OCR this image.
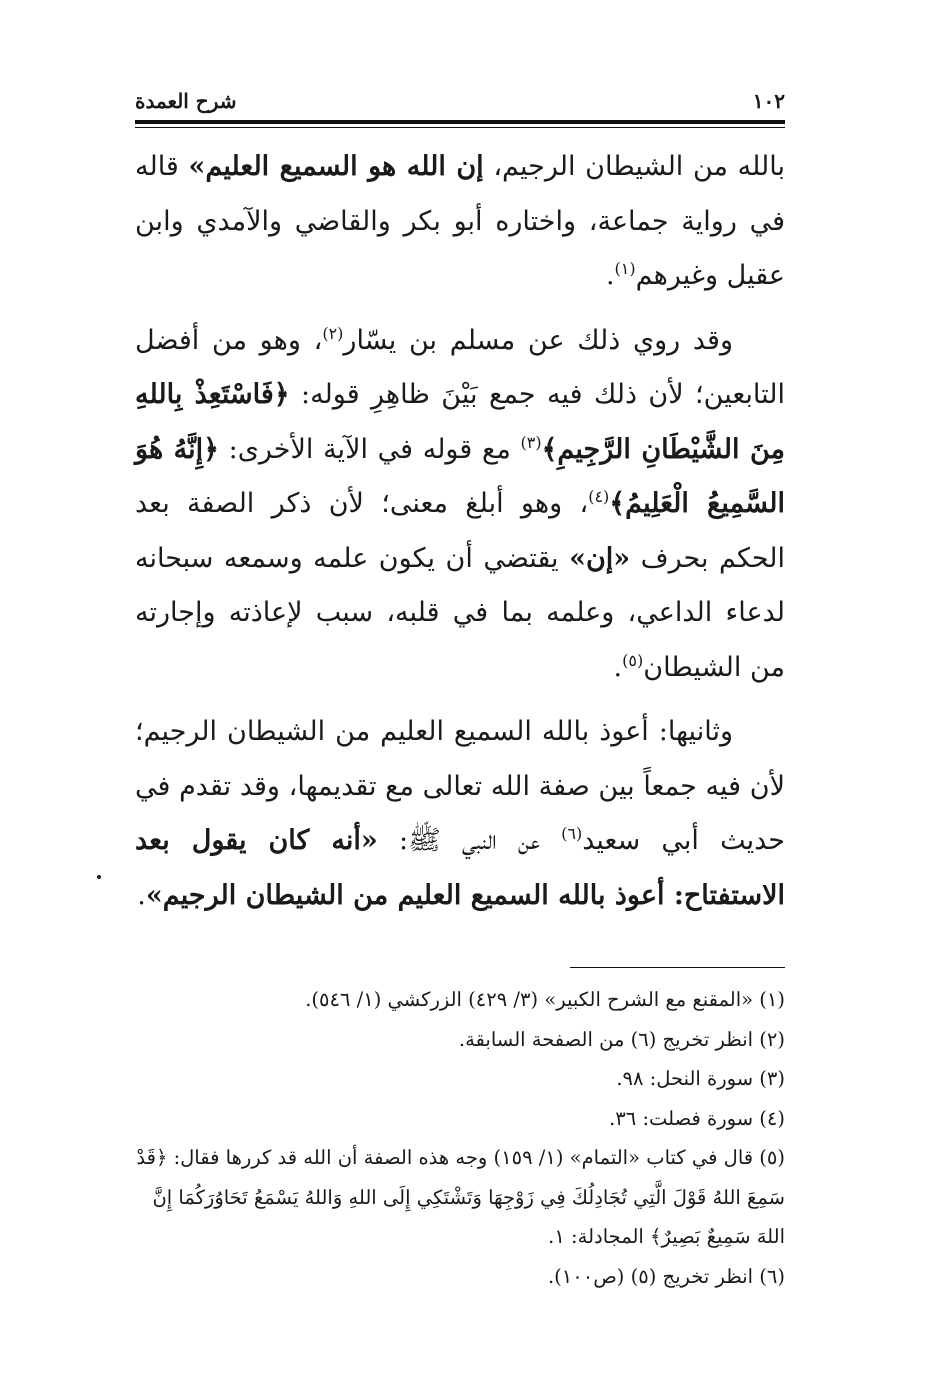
١٠٢
شرح العمدة

بالله من الشيطان الرجيم، إن الله هو السميع العليم» قاله في رواية جماعة، واختاره أبو بكر والقاضي والآمدي وابن عقيل وغيرهم$^{(١)}$.

وقد روي ذلك عن مسلم بن يسّار$^{(٢)}$، وهو من أفضل التابعين؛ لأن ذلك فيه جمع بَيْنَ ظاهِرِ قوله: ﴿فَاسْتَعِذْ بِاللهِ مِنَ الشَّيْطَانِ الرَّجِيمِ﴾$^{(٣)}$ مع قوله في الآية الأخرى: ﴿إِنَّهُ هُوَ السَّمِيعُ الْعَلِيمُ﴾$^{(٤)}$، وهو أبلغ معنى؛ لأن ذكر الصفة بعد الحكم بحرف «إن» يقتضي أن يكون علمه وسمعه سبحانه لدعاء الداعي، وعلمه بما في قلبه، سبب لإعاذته وإجارته من الشيطان$^{(٥)}$.

وثانيها: أعوذ بالله السميع العليم من الشيطان الرجيم؛ لأن فيه جمعاً بين صفة الله تعالى مع تقديمها، وقد تقدم في حديث أبي سعيد$^{(٦)}$ عن النبي ﷺ: «أنه كان يقول بعد الاستفتاح: أعوذ بالله السميع العليم من الشيطان الرجيم».

(١) «المقنع مع الشرح الكبير» (٣/ ٤٢٩) الزركشي (١/ ٥٤٦).

(٢) انظر تخريج (٦) من الصفحة السابقة.

(٣) سورة النحل: ٩٨.

(٤) سورة فصلت: ٣٦.

(٥) قال في كتاب «التمام» (١/ ١٥٩) وجه هذه الصفة أن الله قد كررها فقال: ﴿قَدْ سَمِعَ اللهُ قَوْلَ الَّتِي تُجَادِلُكَ فِي زَوْجِهَا وَتَشْتَكِي إِلَى اللهِ وَاللهُ يَسْمَعُ تَحَاوُرَكُمَا إِنَّ اللهَ سَمِيعٌ بَصِيرٌ﴾ المجادلة: ١.

(٦) انظر تخريج (٥) (ص١٠٠).
